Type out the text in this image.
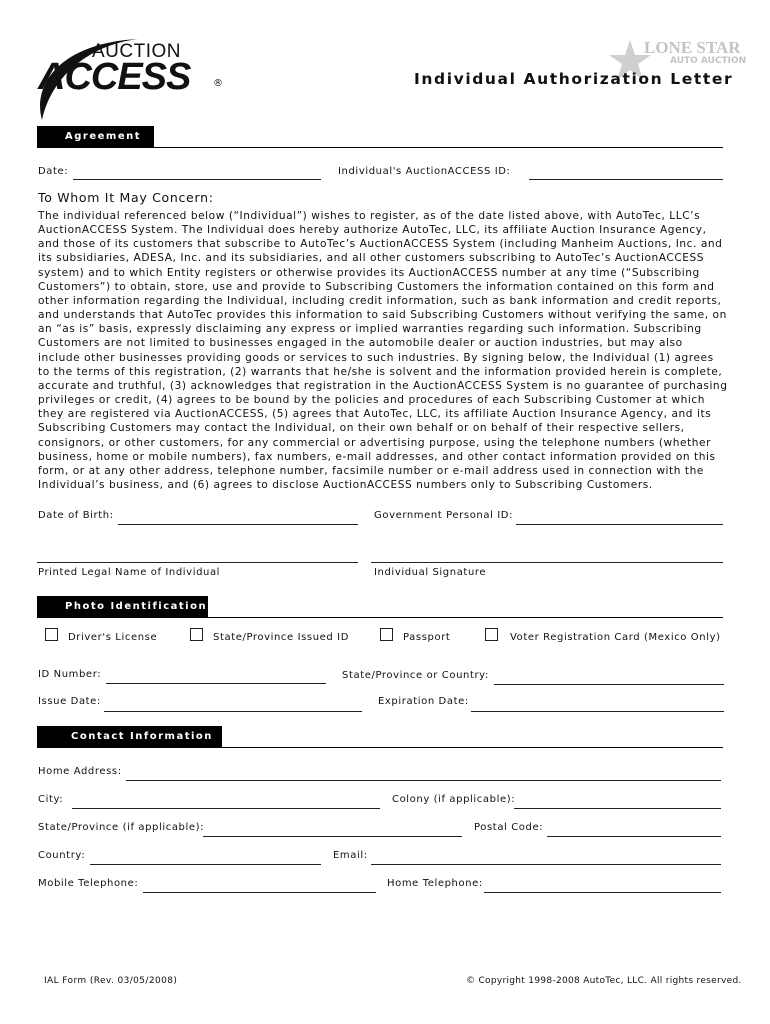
AUCTION
ACCESS ®
LONE STAR
AUTO AUCTION
Individual Authorization Letter
Agreement
Date:	Individual's AuctionACCESS ID:
To Whom It May Concern:
The individual referenced below (“Individual”) wishes to register, as of the date listed above, with AutoTec, LLC’s AuctionACCESS System. The Individual does hereby authorize AutoTec, LLC, its affiliate Auction Insurance Agency, and those of its customers that subscribe to AutoTec’s AuctionACCESS System (including Manheim Auctions, Inc. and its subsidiaries, ADESA, Inc. and its subsidiaries, and all other customers subscribing to AutoTec’s AuctionACCESS system) and to which Entity registers or otherwise provides its AuctionACCESS number at any time (“Subscribing Customers”) to obtain, store, use and provide to Subscribing Customers the information contained on this form and other information regarding the Individual, including credit information, such as bank information and credit reports, and understands that AutoTec provides this information to said Subscribing Customers without verifying the same, on an “as is” basis, expressly disclaiming any express or implied warranties regarding such information. Subscribing Customers are not limited to businesses engaged in the automobile dealer or auction industries, but may also include other businesses providing goods or services to such industries. By signing below, the Individual (1) agrees to the terms of this registration, (2) warrants that he/she is solvent and the information provided herein is complete, accurate and truthful, (3) acknowledges that registration in the AuctionACCESS System is no guarantee of purchasing privileges or credit, (4) agrees to be bound by the policies and procedures of each Subscribing Customer at which they are registered via AuctionACCESS, (5) agrees that AutoTec, LLC, its affiliate Auction Insurance Agency, and its Subscribing Customers may contact the Individual, on their own behalf or on behalf of their respective sellers, consignors, or other customers, for any commercial or advertising purpose, using the telephone numbers (whether business, home or mobile numbers), fax numbers, e-mail addresses, and other contact information provided on this form, or at any other address, telephone number, facsimile number or e-mail address used in connection with the Individual’s business, and (6) agrees to disclose AuctionACCESS numbers only to Subscribing Customers.
Date of Birth:	Government Personal ID:
Printed Legal Name of Individual	Individual Signature
Photo Identification
Driver's License	State/Province Issued ID	Passport	Voter Registration Card (Mexico Only)
ID Number:	State/Province or Country:
Issue Date:	Expiration Date:
Contact Information
Home Address:
City:	Colony (if applicable):
State/Province (if applicable):	Postal Code:
Country:	Email:
Mobile Telephone:	Home Telephone:
IAL Form (Rev. 03/05/2008)	© Copyright 1998-2008 AutoTec, LLC. All rights reserved.
